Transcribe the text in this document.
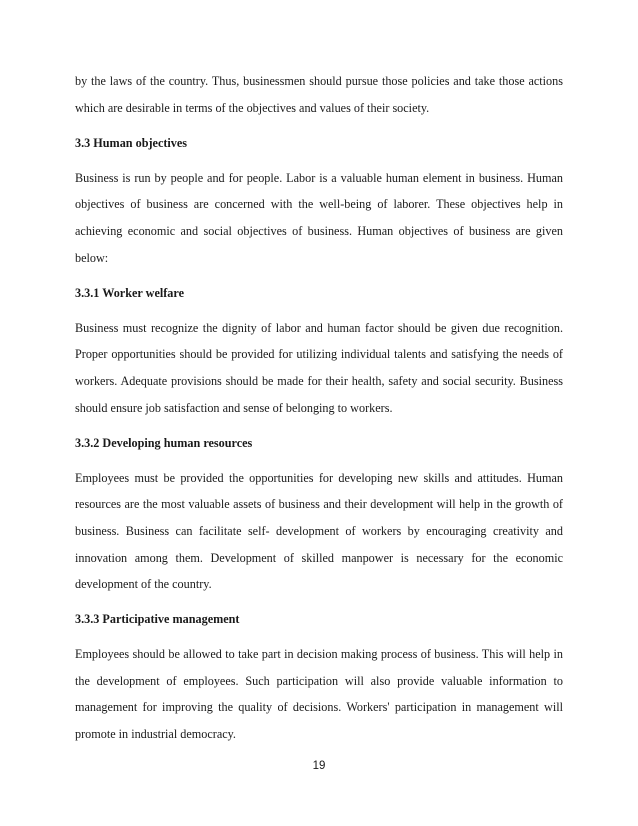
by the laws of the country. Thus, businessmen should pursue those policies and take those actions which are desirable in terms of the objectives and values of their society.

3.3 Human objectives

Business is run by people and for people. Labor is a valuable human element in business. Human objectives of business are concerned with the well-being of laborer. These objectives help in achieving economic and social objectives of business. Human objectives of business are given below:

3.3.1 Worker welfare

Business must recognize the dignity of labor and human factor should be given due recognition. Proper opportunities should be provided for utilizing individual talents and satisfying the needs of workers. Adequate provisions should be made for their health, safety and social security. Business should ensure job satisfaction and sense of belonging to workers.

3.3.2 Developing human resources

Employees must be provided the opportunities for developing new skills and attitudes. Human resources are the most valuable assets of business and their development will help in the growth of business. Business can facilitate self- development of workers by encouraging creativity and innovation among them. Development of skilled manpower is necessary for the economic development of the country.

3.3.3 Participative management

Employees should be allowed to take part in decision making process of business. This will help in the development of employees. Such participation will also provide valuable information to management for improving the quality of decisions. Workers' participation in management will promote in industrial democracy.

19
